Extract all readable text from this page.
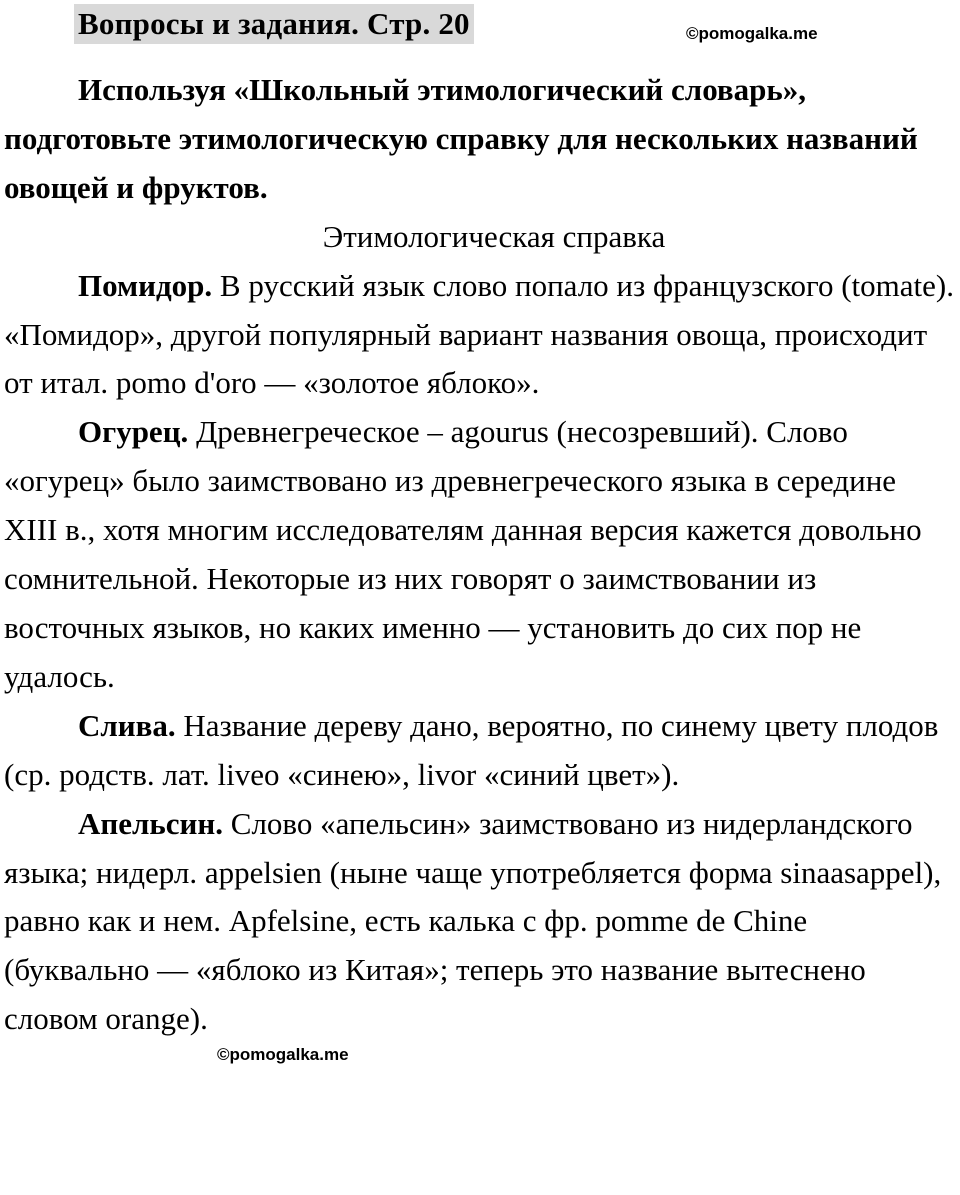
Вопросы и задания. Стр. 20	©pomogalka.me

Используя «Школьный этимологический словарь», подготовьте этимологическую справку для нескольких названий овощей и фруктов.

Этимологическая справка

Помидор. В русский язык слово попало из французского (tomate). «Помидор», другой популярный вариант названия овоща, происходит от итал. pomo d'oro — «золотое яблоко».

Огурец. Древнегреческое – agourus (несозревший). Слово «огурец» было заимствовано из древнегреческого языка в середине XIII в., хотя многим исследователям данная версия кажется довольно сомнительной. Некоторые из них говорят о заимствовании из восточных языков, но каких именно — установить до сих пор не удалось.

Слива. Название дереву дано, вероятно, по синему цвету плодов (ср. родств. лат. liveo «синею», livor «синий цвет»).

Апельсин. Слово «апельсин» заимствовано из нидерландского языка; нидерл. appelsien (ныне чаще употребляется форма sinaasappel), равно как и нем. Apfelsine, есть калька с фр. pomme de Chine (буквально — «яблоко из Китая»; теперь это название вытеснено словом orange).

©pomogalka.me
